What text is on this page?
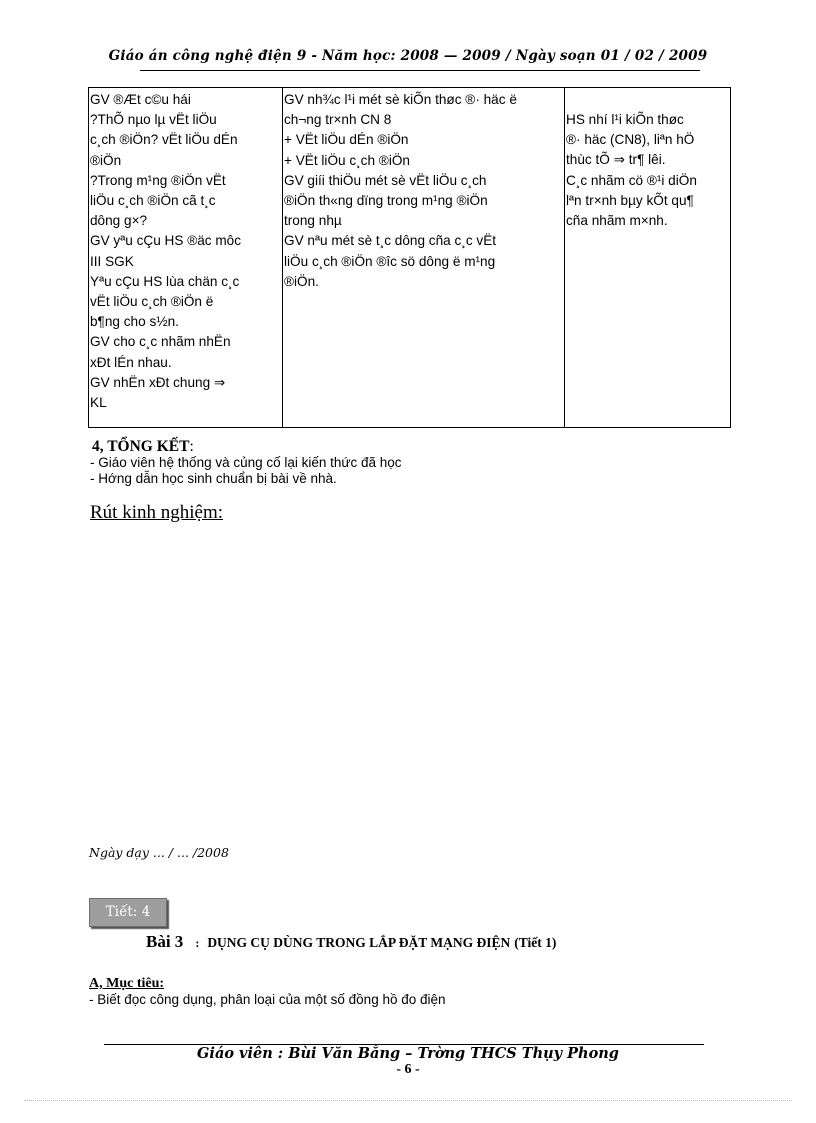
Giáo án công nghệ điện 9 - Năm học: 2008 — 2009 / Ngày soạn 01 / 02 / 2009
GV ®Æt c©u hái
?ThÕ nµo lµ vËt liÖu
c¸ch ®iÖn? vËt liÖu dÉn
®iÖn
?Trong m¹ng ®iÖn vËt
liÖu c¸ch ®iÖn cã t¸c
dông g×?
GV yªu cÇu HS ®äc môc
III SGK
Yªu cÇu HS lùa chän c¸c
vËt liÖu c¸ch ®iÖn ë
b¶ng cho s½n.
GV cho c¸c nhãm nhËn
xÐt lÉn nhau.
GV nhËn xÐt chung ⇒
KL

GV nh¾c l¹i mét sè kiÕn thøc ®· häc ë
ch¬ng tr×nh CN 8
+ VËt liÖu dÉn ®iÖn
+ VËt liÖu c¸ch ®iÖn
GV giíi thiÖu mét sè vËt liÖu c¸ch
®iÖn th«ng dïng trong m¹ng ®iÖn
trong nhµ
GV nªu mét sè t¸c dông cña c¸c vËt
liÖu c¸ch ®iÖn ®îc sö dông ë m¹ng
®iÖn.

HS nhí l¹i kiÕn thøc
®· häc (CN8), liªn hÖ
thùc tÕ ⇒ tr¶ lêi.
C¸c nhãm cö ®¹i diÖn
lªn tr×nh bµy kÕt qu¶
cña nhãm m×nh.
4, TỔNG KẾT:
- Giáo viên hệ thống và củng cố lại kiến thức đã học
- Hớng dẫn học sinh chuẩn bị bài về nhà.
Rút kinh nghiệm:
Ngày dạy ... / ... /2008
Tiết: 4
Bài 3 : DỤNG CỤ DÙNG TRONG LẮP ĐẶT MẠNG ĐIỆN (Tiết 1)
A, Mục tiêu:
- Biết đọc công dụng, phân loại của một số đồng hồ đo điện
Giáo viên : Bùi Văn Bằng – Trờng THCS Thụy Phong
- 6 -
